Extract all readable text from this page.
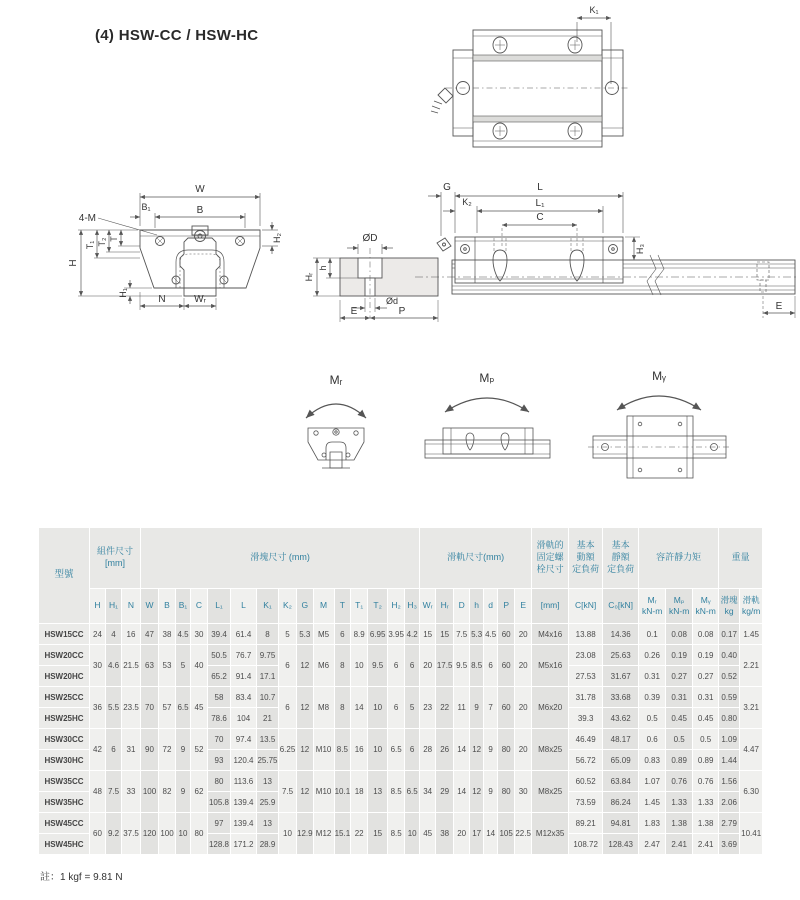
(4) HSW-CC / HSW-HC
K₁
W
B
B₁
4-M
H₂
H
T₁ T₂ T
H₁
N	Wᵣ
ØD
Hᵣ
h
Ød
E	P
G	L
K₂	L₁
C
H₃
E
Mᵣ	Mₚ	Mᵧ
型號

組件尺寸
[mm]

滑塊尺寸 (mm)	滑軌尺寸(mm)

滑軌的
固定螺
栓尺寸

基本
動額
定負荷

基本
靜額
定負荷

容許靜力矩	重量

H	H₁	N	W	B	B₁	C	L₁	L	K₁	K₂	G	M	T	T₁	T₂	H₂	H₃	Wᵣ	Hᵣ	D	h	d	P	E	[mm]	C[kN]	C₀[kN]

Mᵣ
kN-m

Mₚ
kN-m

Mᵧ
kN-m

滑塊
kg

滑軌
kg/m

HSW15CC	24	4	16	47	38	4.5	30	39.4	61.4	8	5	5.3	M5	6	8.9	6.95	3.95	4.2	15	15	7.5	5.3	4.5	60	20	M4x16	13.88	14.36	0.1	0.08	0.08	0.17	1.45
HSW20CC	30	4.6	21.5	63	53	5	40	50.5	76.7	9.75	6	12	M6	8	10	9.5	6	6	20	17.5	9.5	8.5	6	60	20	M5x16	23.08	25.63	0.26	0.19	0.19	0.40	2.21
HSW20HC								65.2	91.4	17.1																	27.53	31.67	0.31	0.27	0.27	0.52	
HSW25CC	36	5.5	23.5	70	57	6.5	45	58	83.4	10.7	6	12	M8	8	14	10	6	5	23	22	11	9	7	60	20	M6x20	31.78	33.68	0.39	0.31	0.31	0.59	3.21
HSW25HC								78.6	104	21																	39.3	43.62	0.5	0.45	0.45	0.80	
HSW30CC	42	6	31	90	72	9	52	70	97.4	13.5	6.25	12	M10	8.5	16	10	6.5	6	28	26	14	12	9	80	20	M8x25	46.49	48.17	0.6	0.5	0.5	1.09	4.47
HSW30HC								93	120.4	25.75																	56.72	65.09	0.83	0.89	0.89	1.44	
HSW35CC	48	7.5	33	100	82	9	62	80	113.6	13	7.5	12	M10	10.1	18	13	8.5	6.5	34	29	14	12	9	80	30	M8x25	60.52	63.84	1.07	0.76	0.76	1.56	6.30
HSW35HC								105.8	139.4	25.9																	73.59	86.24	1.45	1.33	1.33	2.06	
HSW45CC	60	9.2	37.5	120	100	10	80	97	139.4	13	10	12.9	M12	15.1	22	15	8.5	10	45	38	20	17	14	105	22.5	M12x35	89.21	94.81	1.83	1.38	1.38	2.79	10.41
HSW45HC								128.8	171.2	28.9																	108.72	128.43	2.47	2.41	2.41	3.69	
註：1 kgf = 9.81 N
